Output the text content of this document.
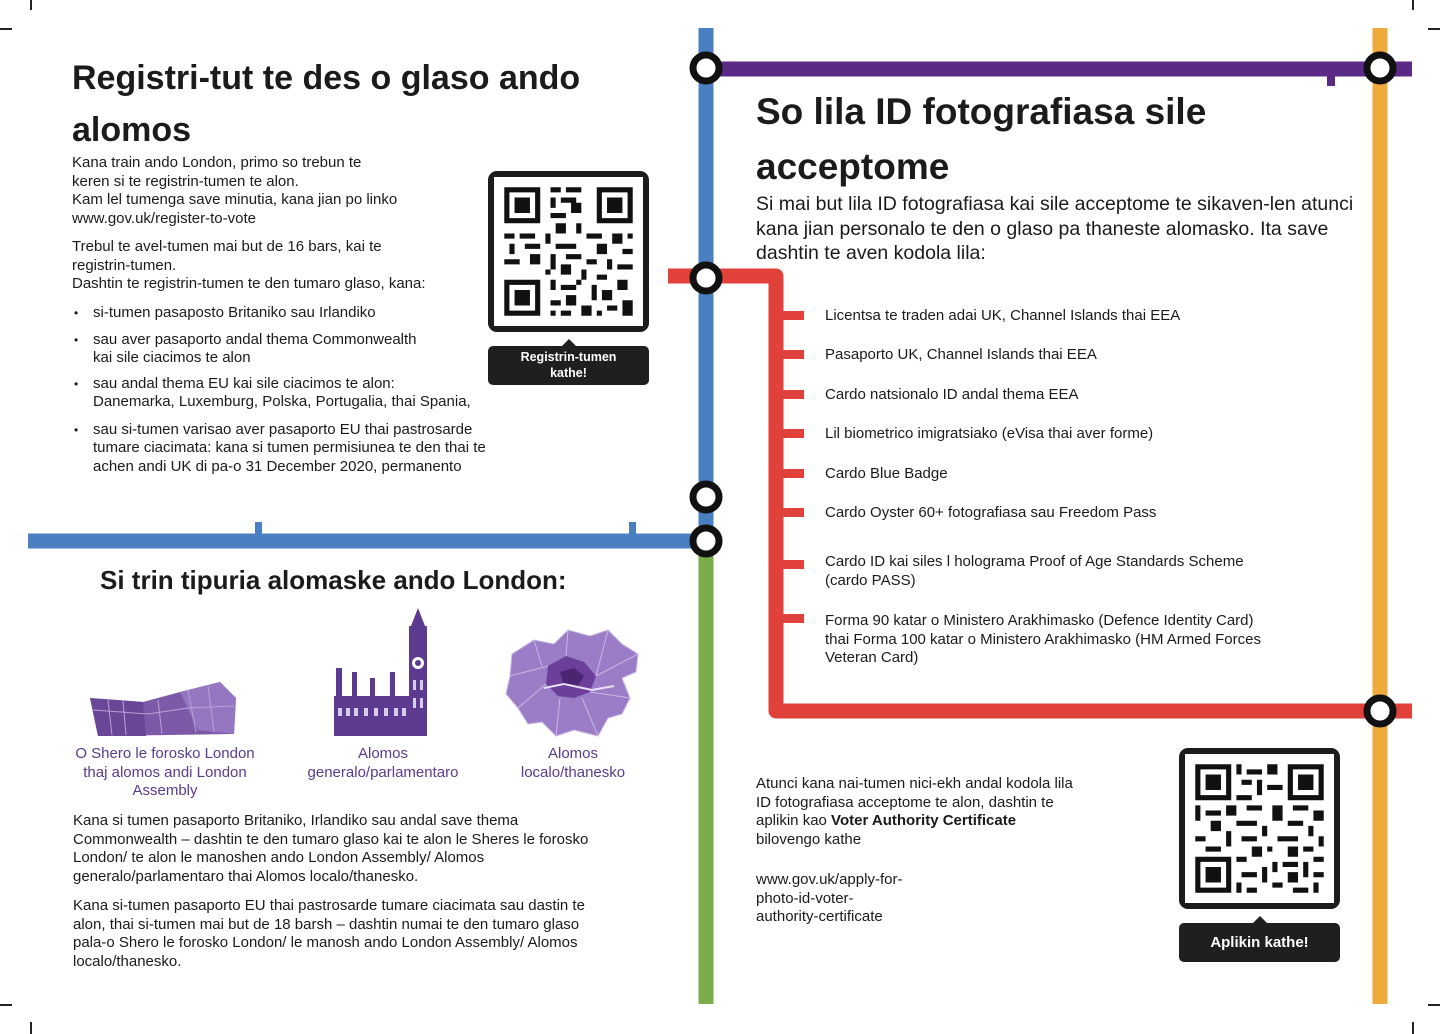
Registri-tut te des o glaso ando alomos
Kana train ando London, primo so trebun te
keren si te registrin-tumen te alon.
Kam lel tumenga save minutia, kana jian po linko
www.gov.uk/register-to-vote
Trebul te avel-tumen mai but de 16 bars, kai te
registrin-tumen.
Dashtin te registrin-tumen te den tumaro glaso, kana:
• si-tumen pasaposto Britaniko sau Irlandiko
• sau aver pasaporto andal thema Commonwealth
kai sile ciacimos te alon
• sau andal thema EU kai sile ciacimos te alon:
Danemarka, Luxemburg, Polska, Portugalia, thai Spania,
• sau si-tumen varisao aver pasaporto EU thai pastrosarde
tumare ciacimata: kana si tumen permisiunea te den thai te
achen andi UK di pa-o 31 December 2020, permanento
Registrin-tumen
kathe!
Si trin tipuria alomaske ando London:
O Shero le forosko London
thaj alomos andi London
Assembly
Alomos
generalo/parlamentaro
Alomos
localo/thanesko
Kana si tumen pasaporto Britaniko, Irlandiko sau andal save thema
Commonwealth – dashtin te den tumaro glaso kai te alon le Sheres le forosko
London/ te alon le manoshen ando London Assembly/ Alomos
generalo/parlamentaro thai Alomos localo/thanesko.
Kana si-tumen pasaporto EU thai pastrosarde tumare ciacimata sau dastin te
alon, thai si-tumen mai but de 18 barsh – dashtin numai te den tumaro glaso
pala-o Shero le forosko London/ le manosh ando London Assembly/ Alomos
localo/thanesko.
So lila ID fotografiasa sile acceptome

Si mai but lila ID fotografiasa kai sile acceptome te sikaven-len atunci kana jian personalo te den o glaso pa thaneste alomasko. Ita save dashtin te aven kodola lila:

Licentsa te traden adai UK, Channel Islands thai EEA
Pasaporto UK, Channel Islands thai EEA
Cardo natsionalo ID andal thema EEA
Lil biometrico imigratsiako (eVisa thai aver forme)
Cardo Blue Badge
Cardo Oyster 60+ fotografiasa sau Freedom Pass
Cardo ID kai siles l holograma Proof of Age Standards Scheme
(cardo PASS)
Forma 90 katar o Ministero Arakhimasko (Defence Identity Card)
thai Forma 100 katar o Ministero Arakhimasko (HM Armed Forces
Veteran Card)
Atunci kana nai-tumen nici-ekh andal kodola lila
ID fotografiasa acceptome te alon, dashtin te
aplikin kao Voter Authority Certificate
bilovengo kathe
www.gov.uk/apply-for-
photo-id-voter-
authority-certificate
Aplikin kathe!
